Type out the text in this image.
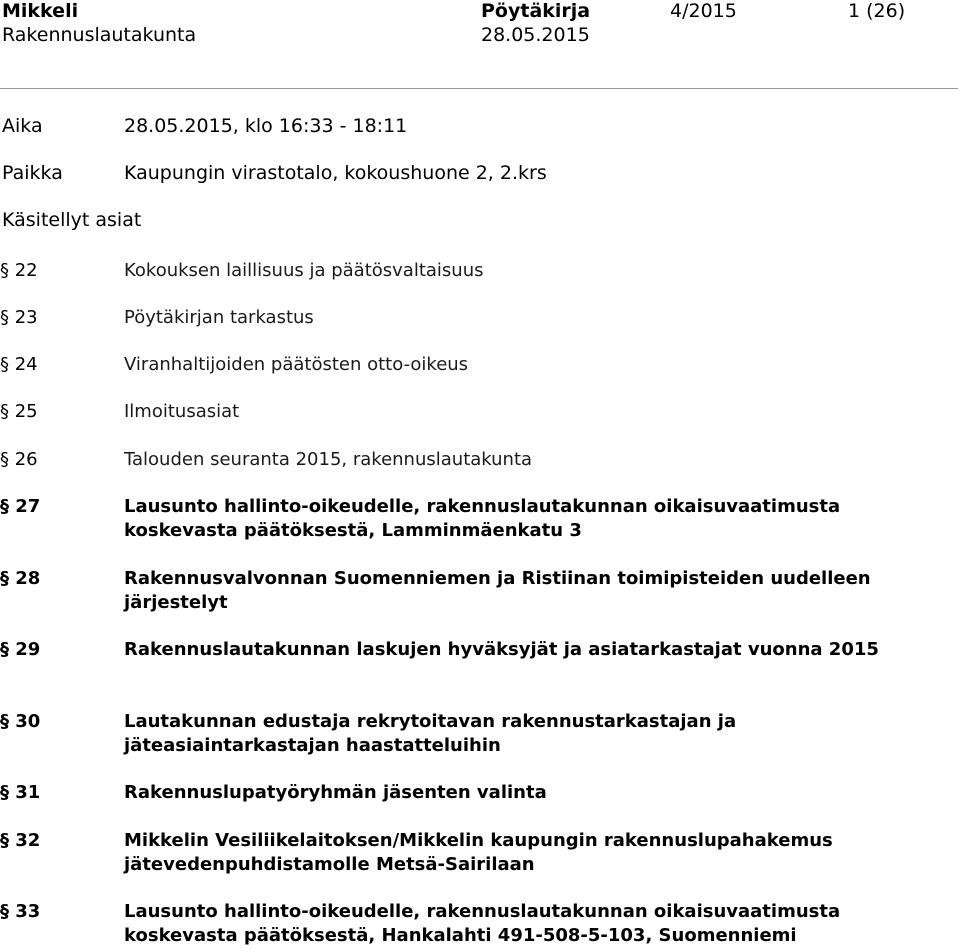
Mikkeli	Pöytäkirja	4/2015	1 (26)
Rakennuslautakunta	28.05.2015
Aika	28.05.2015, klo 16:33 - 18:11
Paikka	Kaupungin virastotalo, kokoushuone 2, 2.krs
Käsitellyt asiat
§ 22	Kokouksen laillisuus ja päätösvaltaisuus
§ 23	Pöytäkirjan tarkastus
§ 24	Viranhaltijoiden päätösten otto-oikeus
§ 25	Ilmoitusasiat
§ 26	Talouden seuranta 2015, rakennuslautakunta
§ 27	Lausunto hallinto-oikeudelle, rakennuslautakunnan oikaisuvaatimusta koskevasta päätöksestä, Lamminmäenkatu 3
§ 28	Rakennusvalvonnan Suomenniemen ja Ristiinan toimipisteiden uudelleen järjestelyt
§ 29	Rakennuslautakunnan laskujen hyväksyjät ja asiatarkastajat vuonna 2015
§ 30	Lautakunnan edustaja rekrytoitavan rakennustarkastajan ja jäteasiaintarkastajan haastatteluihin
§ 31	Rakennuslupatyöryhmän jäsenten valinta
§ 32	Mikkelin Vesiliikelaitoksen/Mikkelin kaupungin rakennuslupahakemus jätevedenpuhdistamolle Metsä-Sairilaan
§ 33	Lausunto hallinto-oikeudelle, rakennuslautakunnan oikaisuvaatimusta koskevasta päätöksestä, Hankalahti 491-508-5-103, Suomenniemi
